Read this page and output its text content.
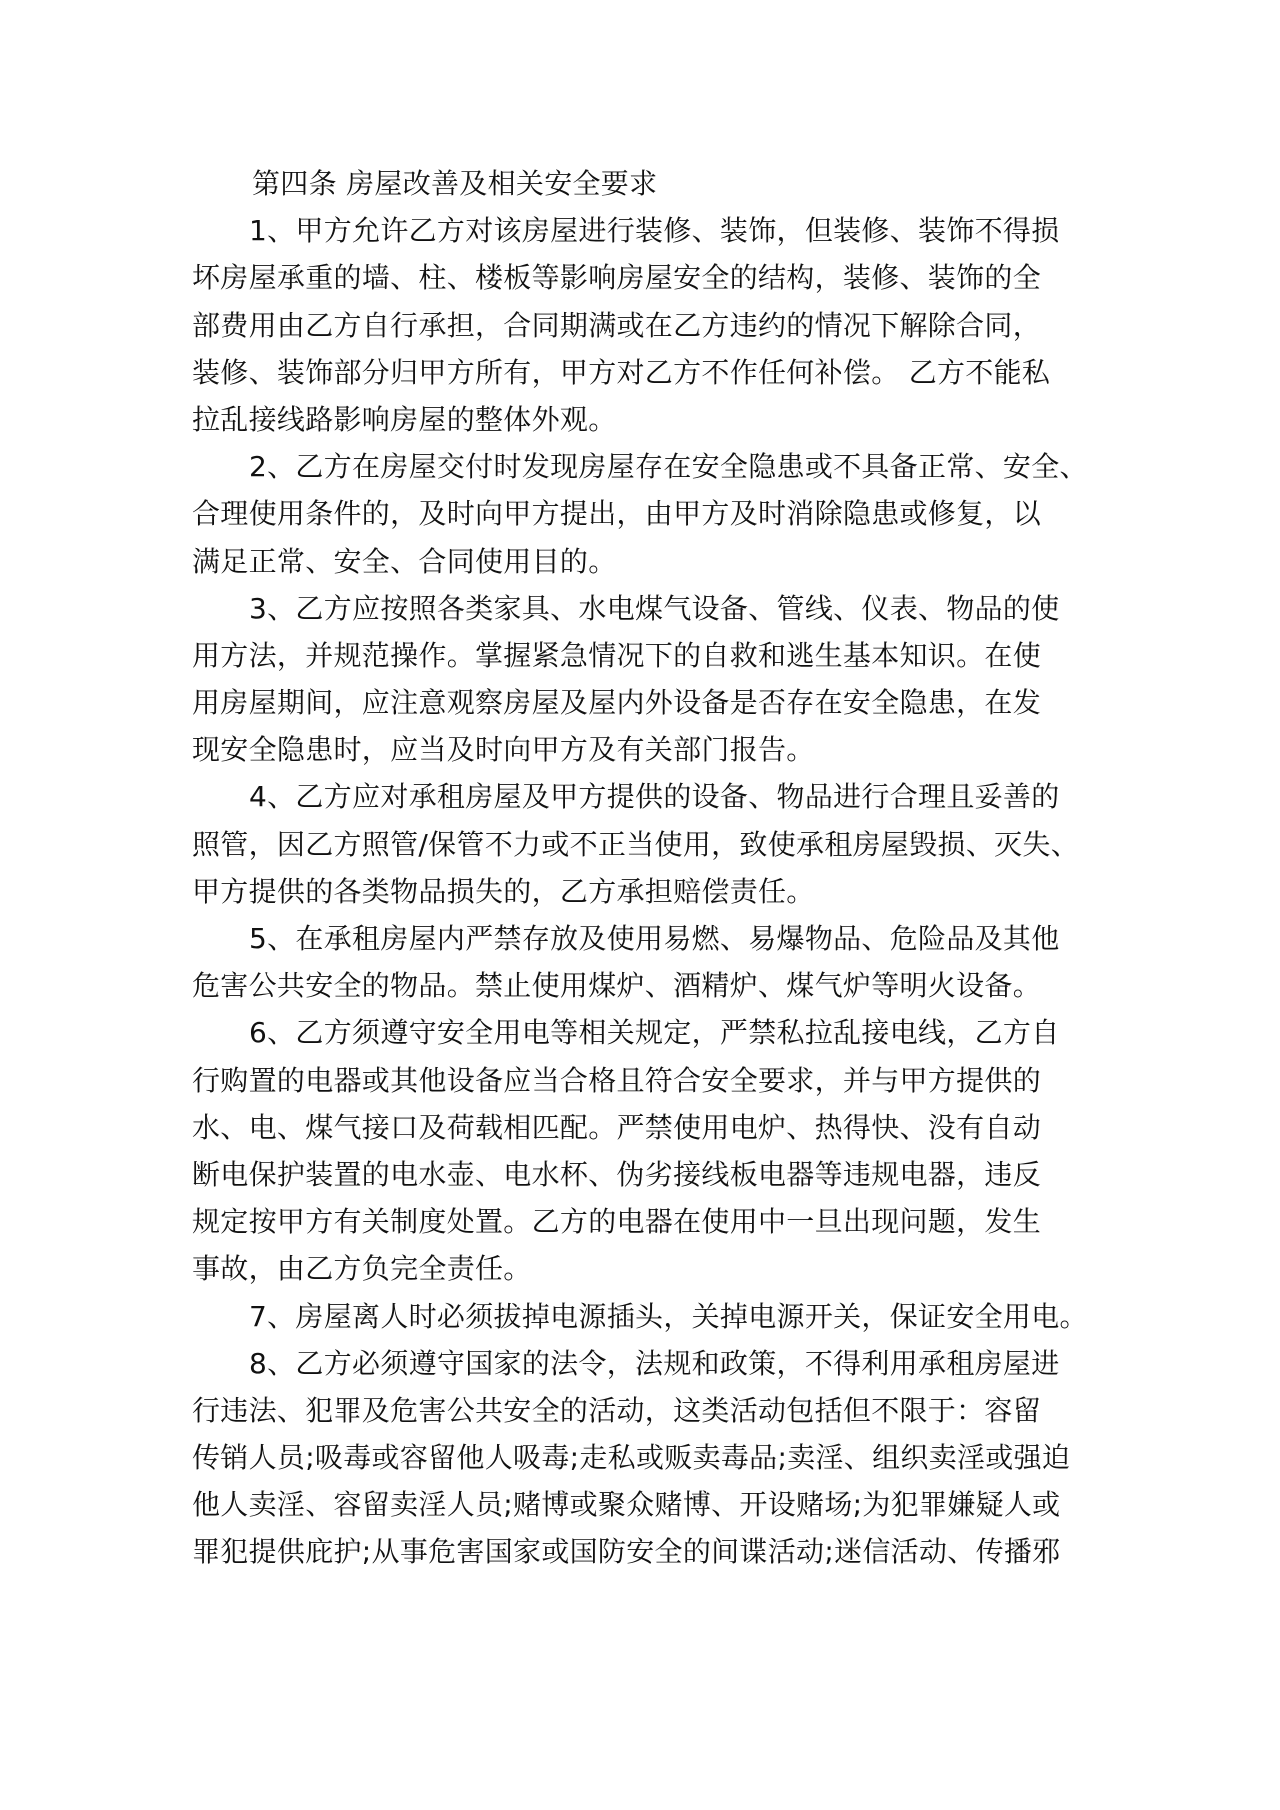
第四条 房屋改善及相关安全要求
1、甲方允许乙方对该房屋进行装修、装饰，但装修、装饰不得损
坏房屋承重的墙、柱、楼板等影响房屋安全的结构，装修、装饰的全
部费用由乙方自行承担，合同期满或在乙方违约的情况下解除合同，
装修、装饰部分归甲方所有，甲方对乙方不作任何补偿。 乙方不能私
拉乱接线路影响房屋的整体外观。
2、乙方在房屋交付时发现房屋存在安全隐患或不具备正常、安全、
合理使用条件的，及时向甲方提出，由甲方及时消除隐患或修复，以
满足正常、安全、合同使用目的。
3、乙方应按照各类家具、水电煤气设备、管线、仪表、物品的使
用方法，并规范操作。掌握紧急情况下的自救和逃生基本知识。在使
用房屋期间，应注意观察房屋及屋内外设备是否存在安全隐患，在发
现安全隐患时，应当及时向甲方及有关部门报告。
4、乙方应对承租房屋及甲方提供的设备、物品进行合理且妥善的
照管，因乙方照管/保管不力或不正当使用，致使承租房屋毁损、灭失、
甲方提供的各类物品损失的，乙方承担赔偿责任。
5、在承租房屋内严禁存放及使用易燃、易爆物品、危险品及其他
危害公共安全的物品。禁止使用煤炉、酒精炉、煤气炉等明火设备。
6、乙方须遵守安全用电等相关规定，严禁私拉乱接电线，乙方自
行购置的电器或其他设备应当合格且符合安全要求，并与甲方提供的
水、电、煤气接口及荷载相匹配。严禁使用电炉、热得快、没有自动
断电保护装置的电水壶、电水杯、伪劣接线板电器等违规电器，违反
规定按甲方有关制度处置。乙方的电器在使用中一旦出现问题，发生
事故，由乙方负完全责任。
7、房屋离人时必须拔掉电源插头，关掉电源开关，保证安全用电。
8、乙方必须遵守国家的法令，法规和政策，不得利用承租房屋进
行违法、犯罪及危害公共安全的活动，这类活动包括但不限于：容留
传销人员;吸毒或容留他人吸毒;走私或贩卖毒品;卖淫、组织卖淫或强迫
他人卖淫、容留卖淫人员;赌博或聚众赌博、开设赌场;为犯罪嫌疑人或
罪犯提供庇护;从事危害国家或国防安全的间谍活动;迷信活动、传播邪
